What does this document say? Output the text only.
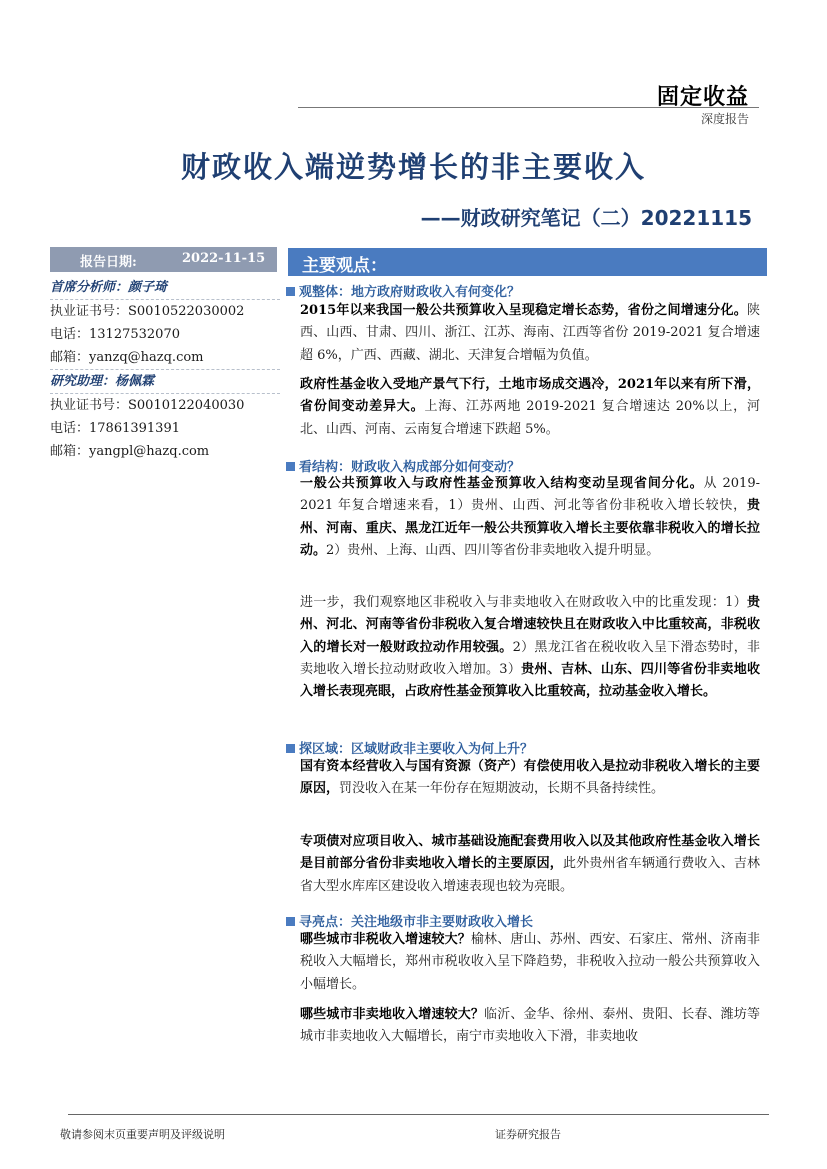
固定收益
深度报告
财政收入端逆势增长的非主要收入
——财政研究笔记（二）20221115
报告日期:	2022-11-15
首席分析师：颜子琦
执业证书号：S0010522030002
电话：13127532070
邮箱：yanzq@hazq.com
研究助理：杨佩霖
执业证书号：S0010122040030
电话：17861391391
邮箱：yangpl@hazq.com
主要观点：
观整体：地方政府财政收入有何变化？
2015年以来我国一般公共预算收入呈现稳定增长态势，省份之间增速分化。陕西、山西、甘肃、四川、浙江、江苏、海南、江西等省份 2019-2021 复合增速超 6%，广西、西藏、湖北、天津复合增幅为负值。
政府性基金收入受地产景气下行，土地市场成交遇冷，2021年以来有所下滑，省份间变动差异大。上海、江苏两地 2019-2021 复合增速达 20%以上，河北、山西、河南、云南复合增速下跌超 5%。
看结构：财政收入构成部分如何变动？
一般公共预算收入与政府性基金预算收入结构变动呈现省间分化。从 2019-2021 年复合增速来看，1）贵州、山西、河北等省份非税收入增长较快，贵州、河南、重庆、黑龙江近年一般公共预算收入增长主要依靠非税收入的增长拉动。2）贵州、上海、山西、四川等省份非卖地收入提升明显。
进一步，我们观察地区非税收入与非卖地收入在财政收入中的比重发现：1）贵州、河北、河南等省份非税收入复合增速较快且在财政收入中比重较高，非税收入的增长对一般财政拉动作用较强。2）黑龙江省在税收收入呈下滑态势时，非卖地收入增长拉动财政收入增加。3）贵州、吉林、山东、四川等省份非卖地收入增长表现亮眼，占政府性基金预算收入比重较高，拉动基金收入增长。
探区域：区域财政非主要收入为何上升？
国有资本经营收入与国有资源（资产）有偿使用收入是拉动非税收入增长的主要原因，罚没收入在某一年份存在短期波动，长期不具备持续性。
专项债对应项目收入、城市基础设施配套费用收入以及其他政府性基金收入增长是目前部分省份非卖地收入增长的主要原因，此外贵州省车辆通行费收入、吉林省大型水库库区建设收入增速表现也较为亮眼。
寻亮点：关注地级市非主要财政收入增长
哪些城市非税收入增速较大？榆林、唐山、苏州、西安、石家庄、常州、济南非税收入大幅增长，郑州市税收收入呈下降趋势，非税收入拉动一般公共预算收入小幅增长。
哪些城市非卖地收入增速较大？临沂、金华、徐州、泰州、贵阳、长春、潍坊等城市非卖地收入大幅增长，南宁市卖地收入下滑，非卖地收
敬请参阅末页重要声明及评级说明	证券研究报告
